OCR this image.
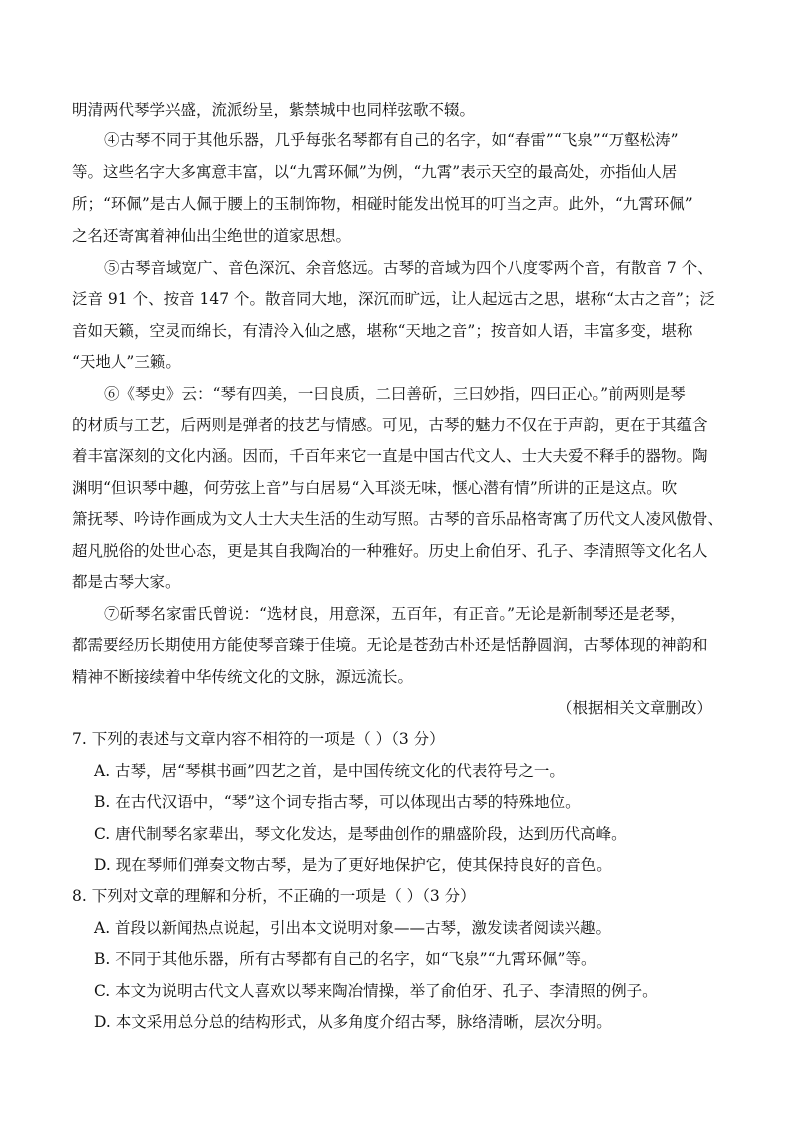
明清两代琴学兴盛，流派纷呈，紫禁城中也同样弦歌不辍。
④古琴不同于其他乐器，几乎每张名琴都有自己的名字，如“春雷”“飞泉”“万壑松涛”
等。这些名字大多寓意丰富，以“九霄环佩”为例，“九霄”表示天空的最高处，亦指仙人居
所；“环佩”是古人佩于腰上的玉制饰物，相碰时能发出悦耳的叮当之声。此外，“九霄环佩”
之名还寄寓着神仙出尘绝世的道家思想。
⑤古琴音域宽广、音色深沉、余音悠远。古琴的音域为四个八度零两个音，有散音 7 个、
泛音 91 个、按音 147 个。散音同大地，深沉而旷远，让人起远古之思，堪称“太古之音”；泛
音如天籁，空灵而绵长，有清泠入仙之感，堪称“天地之音”；按音如人语，丰富多变，堪称
“天地人”三籁。
⑥《琴史》云：“琴有四美，一曰良质，二曰善斫，三曰妙指，四曰正心。”前两则是琴
的材质与工艺，后两则是弹者的技艺与情感。可见，古琴的魅力不仅在于声韵，更在于其蕴含
着丰富深刻的文化内涵。因而，千百年来它一直是中国古代文人、士大夫爱不释手的器物。陶
渊明“但识琴中趣，何劳弦上音”与白居易“入耳淡无味，惬心潜有情”所讲的正是这点。吹
箫抚琴、吟诗作画成为文人士大夫生活的生动写照。古琴的音乐品格寄寓了历代文人凌风傲骨、
超凡脱俗的处世心态，更是其自我陶冶的一种雅好。历史上俞伯牙、孔子、李清照等文化名人
都是古琴大家。
⑦斫琴名家雷氏曾说：“选材良，用意深，五百年，有正音。”无论是新制琴还是老琴，
都需要经历长期使用方能使琴音臻于佳境。无论是苍劲古朴还是恬静圆润，古琴体现的神韵和
精神不断接续着中华传统文化的文脉，源远流长。
（根据相关文章删改）
7. 下列的表述与文章内容不相符的一项是（ ）（3 分）
A. 古琴，居“琴棋书画”四艺之首，是中国传统文化的代表符号之一。
B. 在古代汉语中，“琴”这个词专指古琴，可以体现出古琴的特殊地位。
C. 唐代制琴名家辈出，琴文化发达，是琴曲创作的鼎盛阶段，达到历代高峰。
D. 现在琴师们弹奏文物古琴，是为了更好地保护它，使其保持良好的音色。
8. 下列对文章的理解和分析，不正确的一项是（ ）（3 分）
A. 首段以新闻热点说起，引出本文说明对象——古琴，激发读者阅读兴趣。
B. 不同于其他乐器，所有古琴都有自己的名字，如“飞泉”“九霄环佩”等。
C. 本文为说明古代文人喜欢以琴来陶冶情操，举了俞伯牙、孔子、李清照的例子。
D. 本文采用总分总的结构形式，从多角度介绍古琴，脉络清晰，层次分明。
